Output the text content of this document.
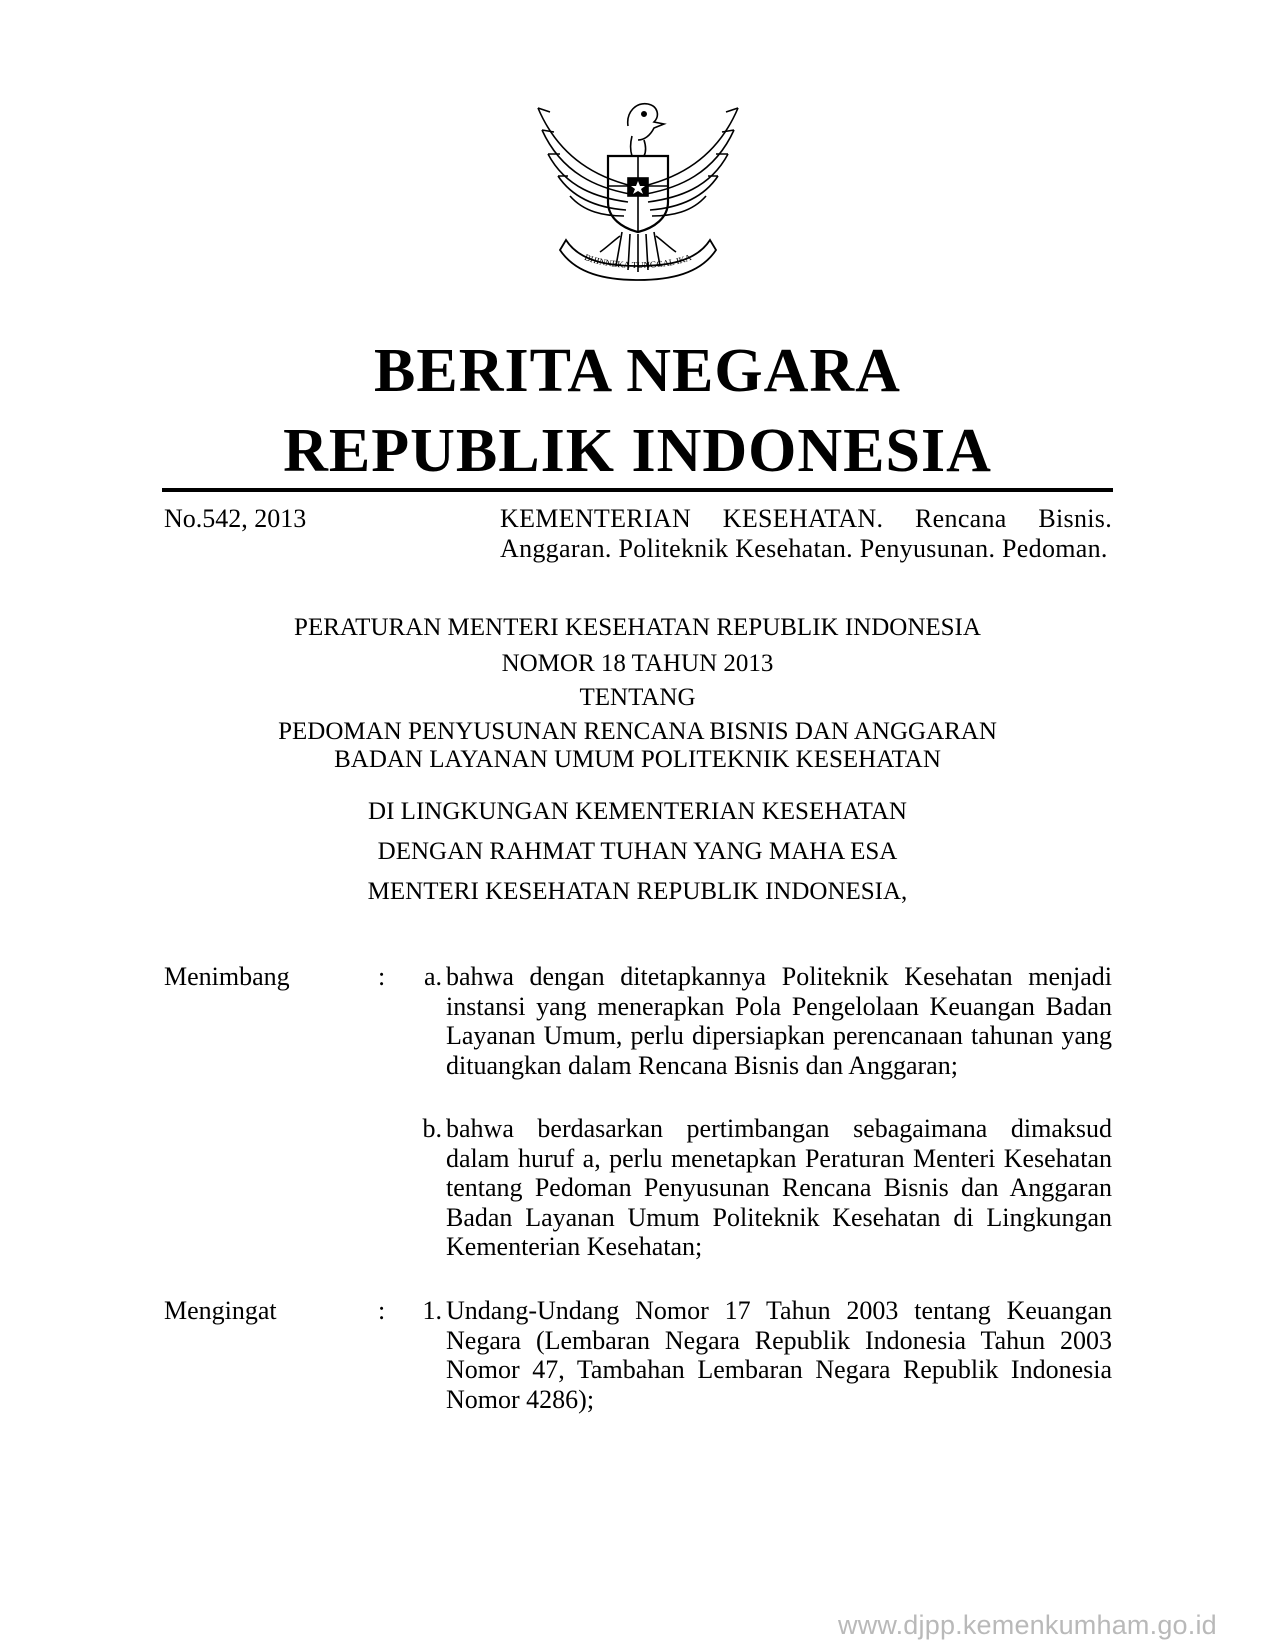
BHINNEKA TUNGGAL IKA
BERITA NEGARA
REPUBLIK INDONESIA
No.542, 2013	KEMENTERIAN KESEHATAN. Rencana Bisnis. Anggaran. Politeknik Kesehatan. Penyusunan. Pedoman.
PERATURAN MENTERI KESEHATAN REPUBLIK INDONESIA
NOMOR 18 TAHUN 2013
TENTANG
PEDOMAN PENYUSUNAN RENCANA BISNIS DAN ANGGARAN
BADAN LAYANAN UMUM POLITEKNIK KESEHATAN
DI LINGKUNGAN KEMENTERIAN KESEHATAN
DENGAN RAHMAT TUHAN YANG MAHA ESA
MENTERI KESEHATAN REPUBLIK INDONESIA,
Menimbang	:	a. bahwa dengan ditetapkannya Politeknik Kesehatan menjadi instansi yang menerapkan Pola Pengelolaan Keuangan Badan Layanan Umum, perlu dipersiapkan perencanaan tahunan yang dituangkan dalam Rencana Bisnis dan Anggaran;
b. bahwa berdasarkan pertimbangan sebagaimana dimaksud dalam huruf a, perlu menetapkan Peraturan Menteri Kesehatan tentang Pedoman Penyusunan Rencana Bisnis dan Anggaran Badan Layanan Umum Politeknik Kesehatan di Lingkungan Kementerian Kesehatan;
Mengingat	:	1. Undang-Undang Nomor 17 Tahun 2003 tentang Keuangan Negara (Lembaran Negara Republik Indonesia Tahun 2003 Nomor 47, Tambahan Lembaran Negara Republik Indonesia Nomor 4286);
www.djpp.kemenkumham.go.id
